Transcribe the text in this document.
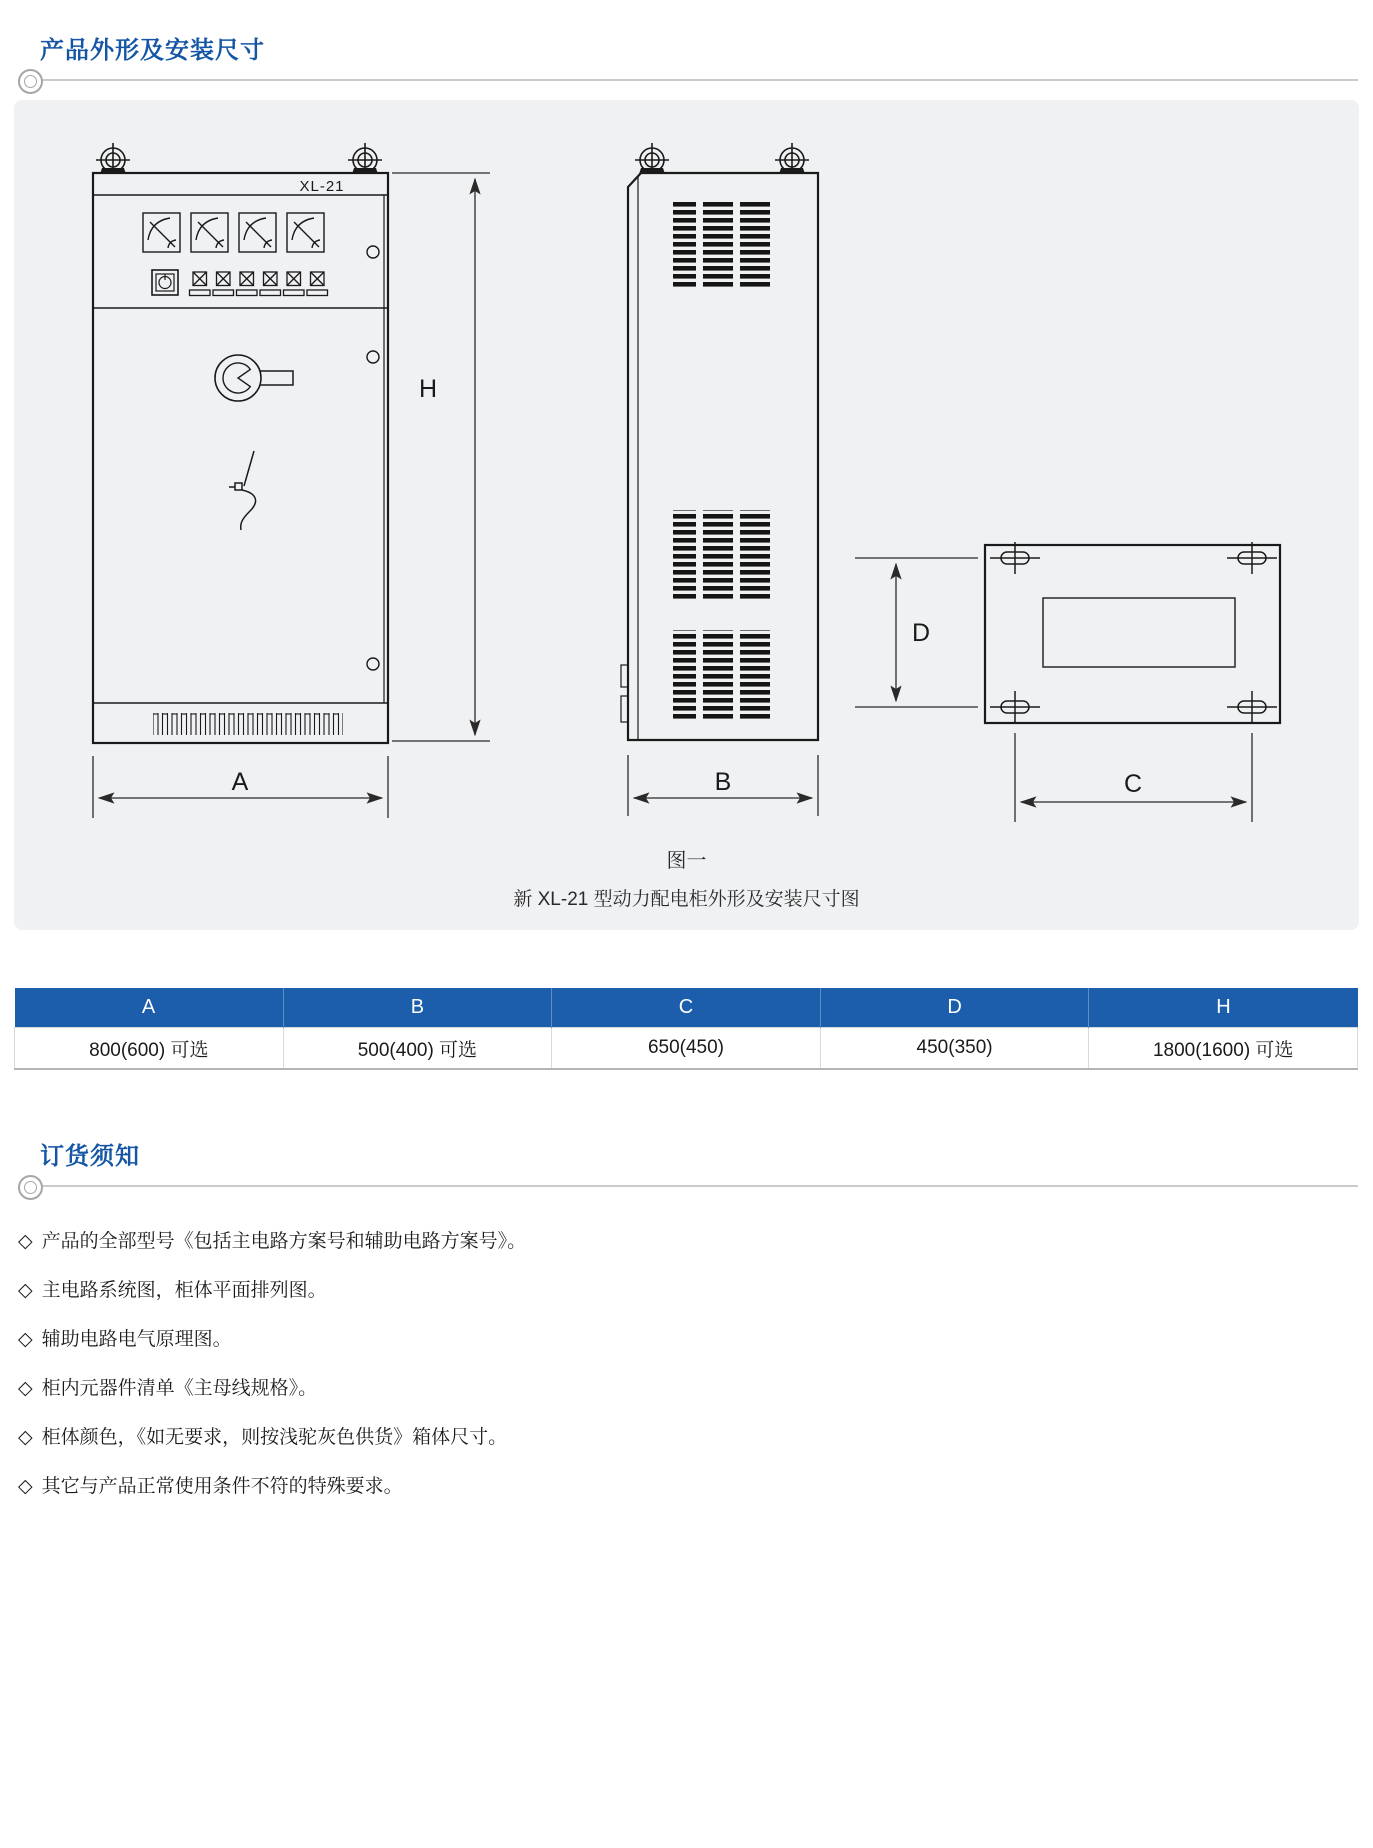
产品外形及安装尺寸
XL-21
A	B	C
D
H
图一
新 XL-21 型动力配电柜外形及安装尺寸图
A	B	C	D	H
800(600) 可选	500(400) 可选	650(450)	450(350)	1800(1600) 可选
订货须知
◇ 产品的全部型号《包括主电路方案号和辅助电路方案号》。
◇ 主电路系统图，柜体平面排列图。
◇ 辅助电路电气原理图。
◇ 柜内元器件清单《主母线规格》。
◇ 柜体颜色，《如无要求，则按浅驼灰色供货》箱体尺寸。
◇ 其它与产品正常使用条件不符的特殊要求。
